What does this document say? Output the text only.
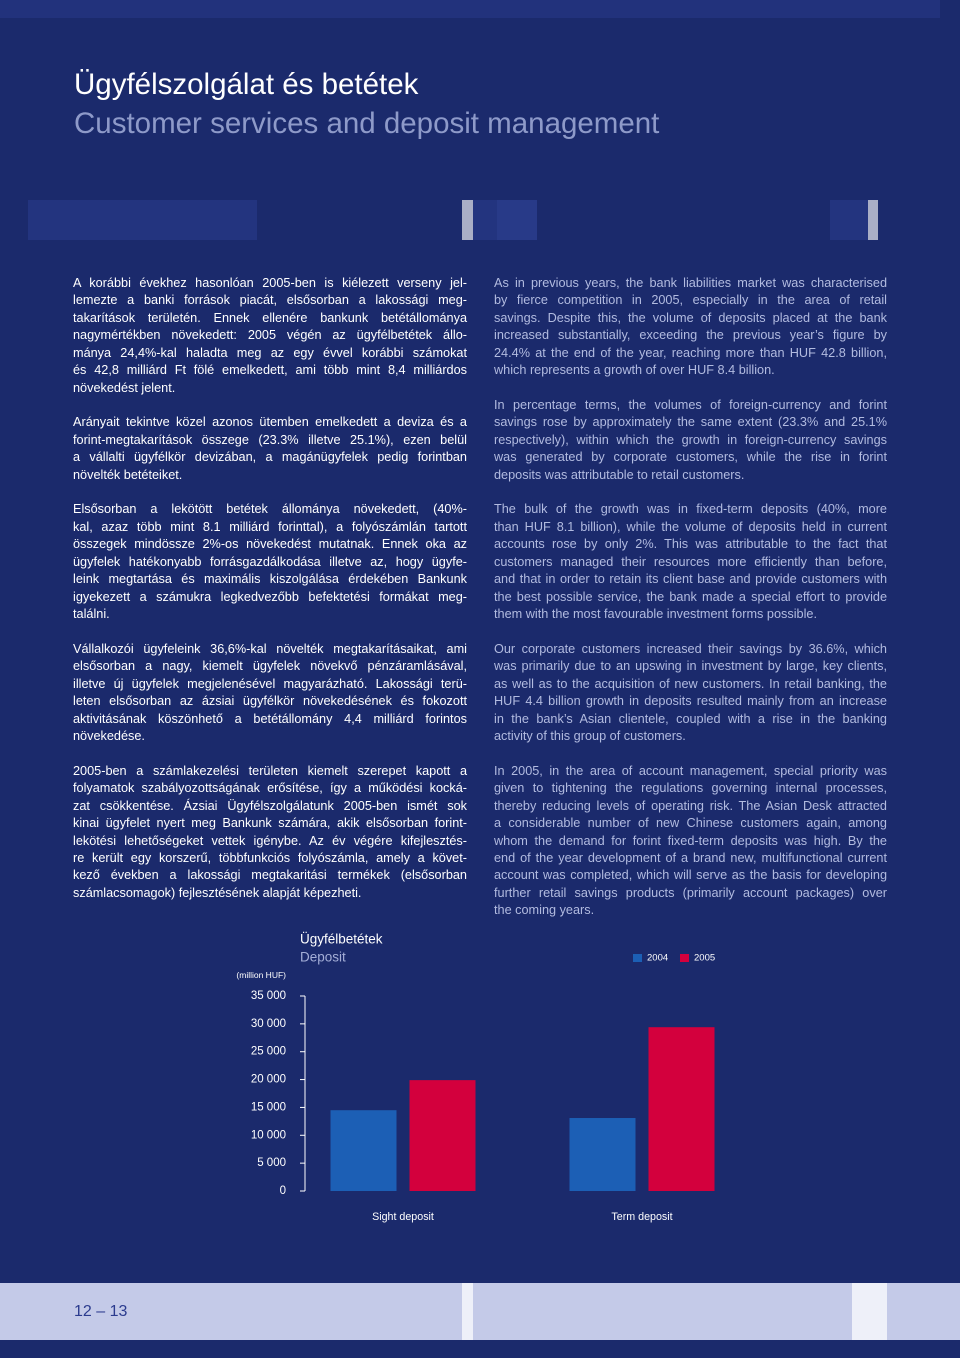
Ügyfélszolgálat és betétek
Customer services and deposit management
A korábbi évekhez hasonlóan 2005-ben is kiélezett verseny jel-
lemezte a banki források piacát, elsősorban a lakossági meg-
takarítások területén. Ennek ellenére bankunk betétállománya
nagymértékben növekedett: 2005 végén az ügyfélbetétek állo-
mánya 24,4%-kal haladta meg az egy évvel korábbi számokat
és 42,8 milliárd Ft fölé emelkedett, ami több mint 8,4 milliárdos
növekedést jelent.
Arányait tekintve közel azonos ütemben emelkedett a deviza és a
forint-megtakarítások összege (23.3% illetve 25.1%), ezen belül
a vállalti ügyfélkör devizában, a magánügyfelek pedig forintban
növelték betéteiket.
Elsősorban a lekötött betétek állománya növekedett, (40%-
kal, azaz több mint 8.1 milliárd forinttal), a folyószámlán tartott
összegek mindössze 2%-os növekedést mutatnak. Ennek oka az
ügyfelek hatékonyabb forrásgazdálkodása illetve az, hogy ügyfe-
leink megtartása és maximális kiszolgálása érdekében Bankunk
igyekezett a számukra legkedvezőbb befektetési formákat meg-
találni.
Vállalkozói ügyfeleink 36,6%-kal növelték megtakarításaikat, ami
elsősorban a nagy, kiemelt ügyfelek növekvő pénzáramlásával,
illetve új ügyfelek megjelenésével magyarázható. Lakossági terü-
leten elsősorban az ázsiai ügyfélkör növekedésének és fokozott
aktivitásának köszönhető a betétállomány 4,4 milliárd forintos
növekedése.
2005-ben a számlakezelési területen kiemelt szerepet kapott a
folyamatok szabályozottságának erősítése, így a működési kocká-
zat csökkentése. Ázsiai Ügyfélszolgálatunk 2005-ben ismét sok
kinai ügyfelet nyert meg Bankunk számára, akik elsősorban forint-
lekötési lehetőségeket vettek igénybe. Az év végére kifejlesztés-
re került egy korszerű, többfunkciós folyószámla, amely a követ-
kező években a lakossági megtakaritási termékek (elsősorban
számlacsomagok) fejlesztésének alapját képezheti.
As in previous years, the bank liabilities market was characterised
by fierce competition in 2005, especially in the area of retail
savings. Despite this, the volume of deposits placed at the bank
increased substantially, exceeding the previous year’s figure by
24.4% at the end of the year, reaching more than HUF 42.8 billion,
which represents a growth of over HUF 8.4 billion.
In percentage terms, the volumes of foreign-currency and forint
savings rose by approximately the same extent (23.3% and 25.1%
respectively), within which the growth in foreign-currency savings
was generated by corporate customers, while the rise in forint
deposits was attributable to retail customers.
The bulk of the growth was in fixed-term deposits (40%, more
than HUF 8.1 billion), while the volume of deposits held in current
accounts rose by only 2%. This was attributable to the fact that
customers managed their resources more efficiently than before,
and that in order to retain its client base and provide customers with
the best possible service, the bank made a special effort to provide
them with the most favourable investment forms possible.
Our corporate customers increased their savings by 36.6%, which
was primarily due to an upswing in investment by large, key clients,
as well as to the acquisition of new customers. In retail banking, the
HUF 4.4 billion growth in deposits resulted mainly from an increase
in the bank’s Asian clientele, coupled with a rise in the banking
activity of this group of customers.
In 2005, in the area of account management, special priority was
given to tightening the regulations governing internal processes,
thereby reducing levels of operating risk. The Asian Desk attracted
a considerable number of new Chinese customers again, among
whom the demand for forint fixed-term deposits was high. By the
end of the year development of a brand new, multifunctional current
account was completed, which will serve as the basis for developing
further retail savings products (primarily account packages) over
the coming years.
Ügyfélbetétek
Deposit
(million HUF)
0
5 000
10 000
15 000
20 000
25 000
30 000
35 000
Sight deposit	Term deposit
2004	2005
12 – 13
